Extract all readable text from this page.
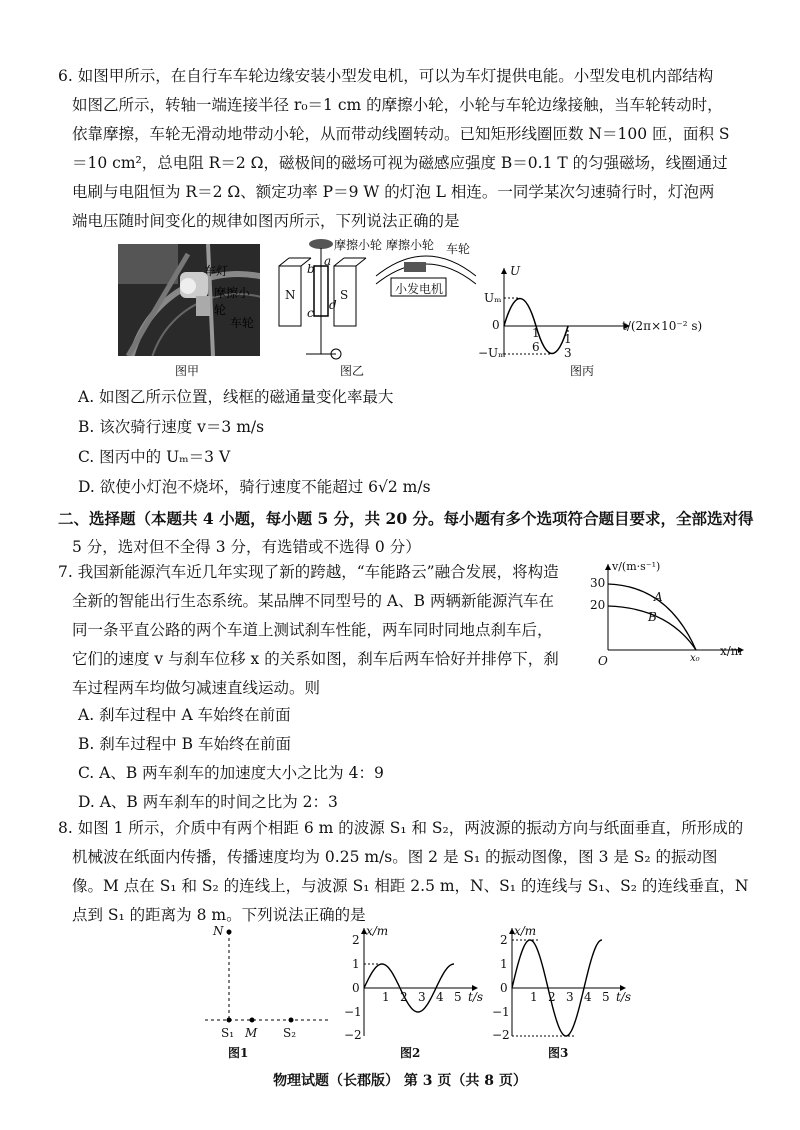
6. 如图甲所示，在自行车车轮边缘安装小型发电机，可以为车灯提供电能。小型发电机内部结构
如图乙所示，转轴一端连接半径 r₀＝1 cm 的摩擦小轮，小轮与车轮边缘接触，当车轮转动时，
依靠摩擦，车轮无滑动地带动小轮，从而带动线圈转动。已知矩形线圈匝数 N＝100 匝，面积 S
＝10 cm²，总电阻 R＝2 Ω，磁极间的磁场可视为磁感应强度 B＝0.1 T 的匀强磁场，线圈通过
电刷与电阻恒为 R＝2 Ω、额定功率 P＝9 W 的灯泡 L 相连。一同学某次匀速骑行时，灯泡两
端电压随时间变化的规律如图丙所示，下列说法正确的是
车灯
摩擦小轮
车轮
图甲
摩擦小轮 摩擦小轮 车轮
小发电机
N	S
a
b
c
d
图乙
U
Uₘ
0
−Uₘ
t/(2π×10⁻² s)
1
6
1
3
图丙
A. 如图乙所示位置，线框的磁通量变化率最大
B. 该次骑行速度 v＝3 m/s
C. 图丙中的 Uₘ＝3 V
D. 欲使小灯泡不烧坏，骑行速度不能超过 6√2 m/s
二、选择题（本题共 4 小题，每小题 5 分，共 20 分。每小题有多个选项符合题目要求，全部选对得
5 分，选对但不全得 3 分，有选错或不选得 0 分）
7. 我国新能源汽车近几年实现了新的跨越，“车能路云”融合发展，将构造
全新的智能出行生态系统。某品牌不同型号的 A、B 两辆新能源汽车在
同一条平直公路的两个车道上测试刹车性能，两车同时同地点刹车后，
它们的速度 v 与刹车位移 x 的关系如图，刹车后两车恰好并排停下，刹
车过程两车均做匀减速直线运动。则
v/(m·s⁻¹)
30
20
O	x₀
x/m
A
B
A. 刹车过程中 A 车始终在前面
B. 刹车过程中 B 车始终在前面
C. A、B 两车刹车的加速度大小之比为 4：9
D. A、B 两车刹车的时间之比为 2：3
8. 如图 1 所示，介质中有两个相距 6 m 的波源 S₁ 和 S₂，两波源的振动方向与纸面垂直，所形成的
机械波在纸面内传播，传播速度均为 0.25 m/s。图 2 是 S₁ 的振动图像，图 3 是 S₂ 的振动图
像。M 点在 S₁ 和 S₂ 的连线上，与波源 S₁ 相距 2.5 m，N、S₁ 的连线与 S₁、S₂ 的连线垂直，N
点到 S₁ 的距离为 8 m。下列说法正确的是
N
S₁ M S₂
图1
x/m
2
1
0
−1
−2
1 2 3 4 5 t/s
图2
x/m
2
1
0
−1
−2
1 2 3 4 5 t/s
图3
物理试题（长郡版） 第 3 页（共 8 页）
